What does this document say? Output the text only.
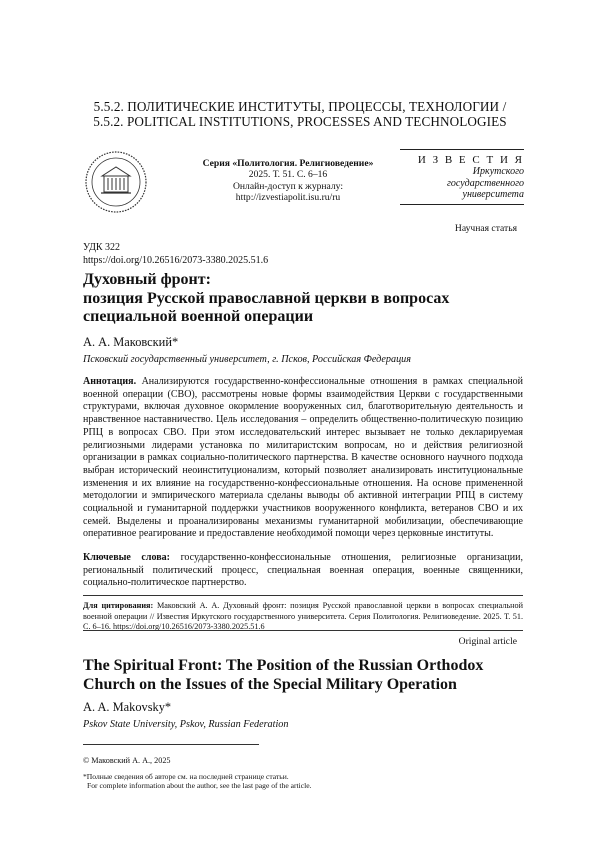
5.5.2. ПОЛИТИЧЕСКИЕ ИНСТИТУТЫ, ПРОЦЕССЫ, ТЕХНОЛОГИИ /
5.5.2. POLITICAL INSTITUTIONS, PROCESSES AND TECHNOLOGIES
Серия «Политология. Религиоведение»
2025. Т. 51. С. 6–16
Онлайн-доступ к журналу:
http://izvestiapolit.isu.ru/ru
И З В Е С Т И Я
Иркутского
государственного
университета
Научная статья
УДК 322
https://doi.org/10.26516/2073-3380.2025.51.6
Духовный фронт:
позиция Русской православной церкви в вопросах
специальной военной операции
А. А. Маковский*
Псковский государственный университет, г. Псков, Российская Федерация
Аннотация. Анализируются государственно-конфессиональные отношения в рамках специальной военной операции (СВО), рассмотрены новые формы взаимодействия Церкви с государственными структурами, включая духовное окормление вооруженных сил, благотворительную деятельность и нравственное наставничество. Цель исследования – определить общественно-политическую позицию РПЦ в вопросах СВО. При этом исследовательский интерес вызывает не только декларируемая религиозными лидерами установка по милитаристским вопросам, но и действия религиозной организации в рамках социально-политического партнерства. В качестве основного научного подхода выбран исторический неоинституционализм, который позволяет анализировать институциональные изменения и их влияние на государственно-конфессиональные отношения. На основе примененной методологии и эмпирического материала сделаны выводы об активной интеграции РПЦ в систему социальной и гуманитарной поддержки участников вооруженного конфликта, ветеранов СВО и их семей. Выделены и проанализированы механизмы гуманитарной мобилизации, обеспечивающие оперативное реагирование и предоставление необходимой помощи через церковные институты.
Ключевые слова: государственно-конфессиональные отношения, религиозные организации, региональный политический процесс, специальная военная операция, военные священники, социально-политическое партнерство.
Для цитирования: Маковский А. А. Духовный фронт: позиция Русской православной церкви в вопросах специальной военной операции // Известия Иркутского государственного университета. Серия Политология. Религиоведение. 2025. Т. 51. С. 6–16. https://doi.org/10.26516/2073-3380.2025.51.6
Original article
The Spiritual Front: The Position of the Russian Orthodox
Church on the Issues of the Special Military Operation
A. A. Makovsky*
Pskov State University, Pskov, Russian Federation
© Маковский А. А., 2025
*Полные сведения об авторе см. на последней странице статьи.
For complete information about the author, see the last page of the article.
